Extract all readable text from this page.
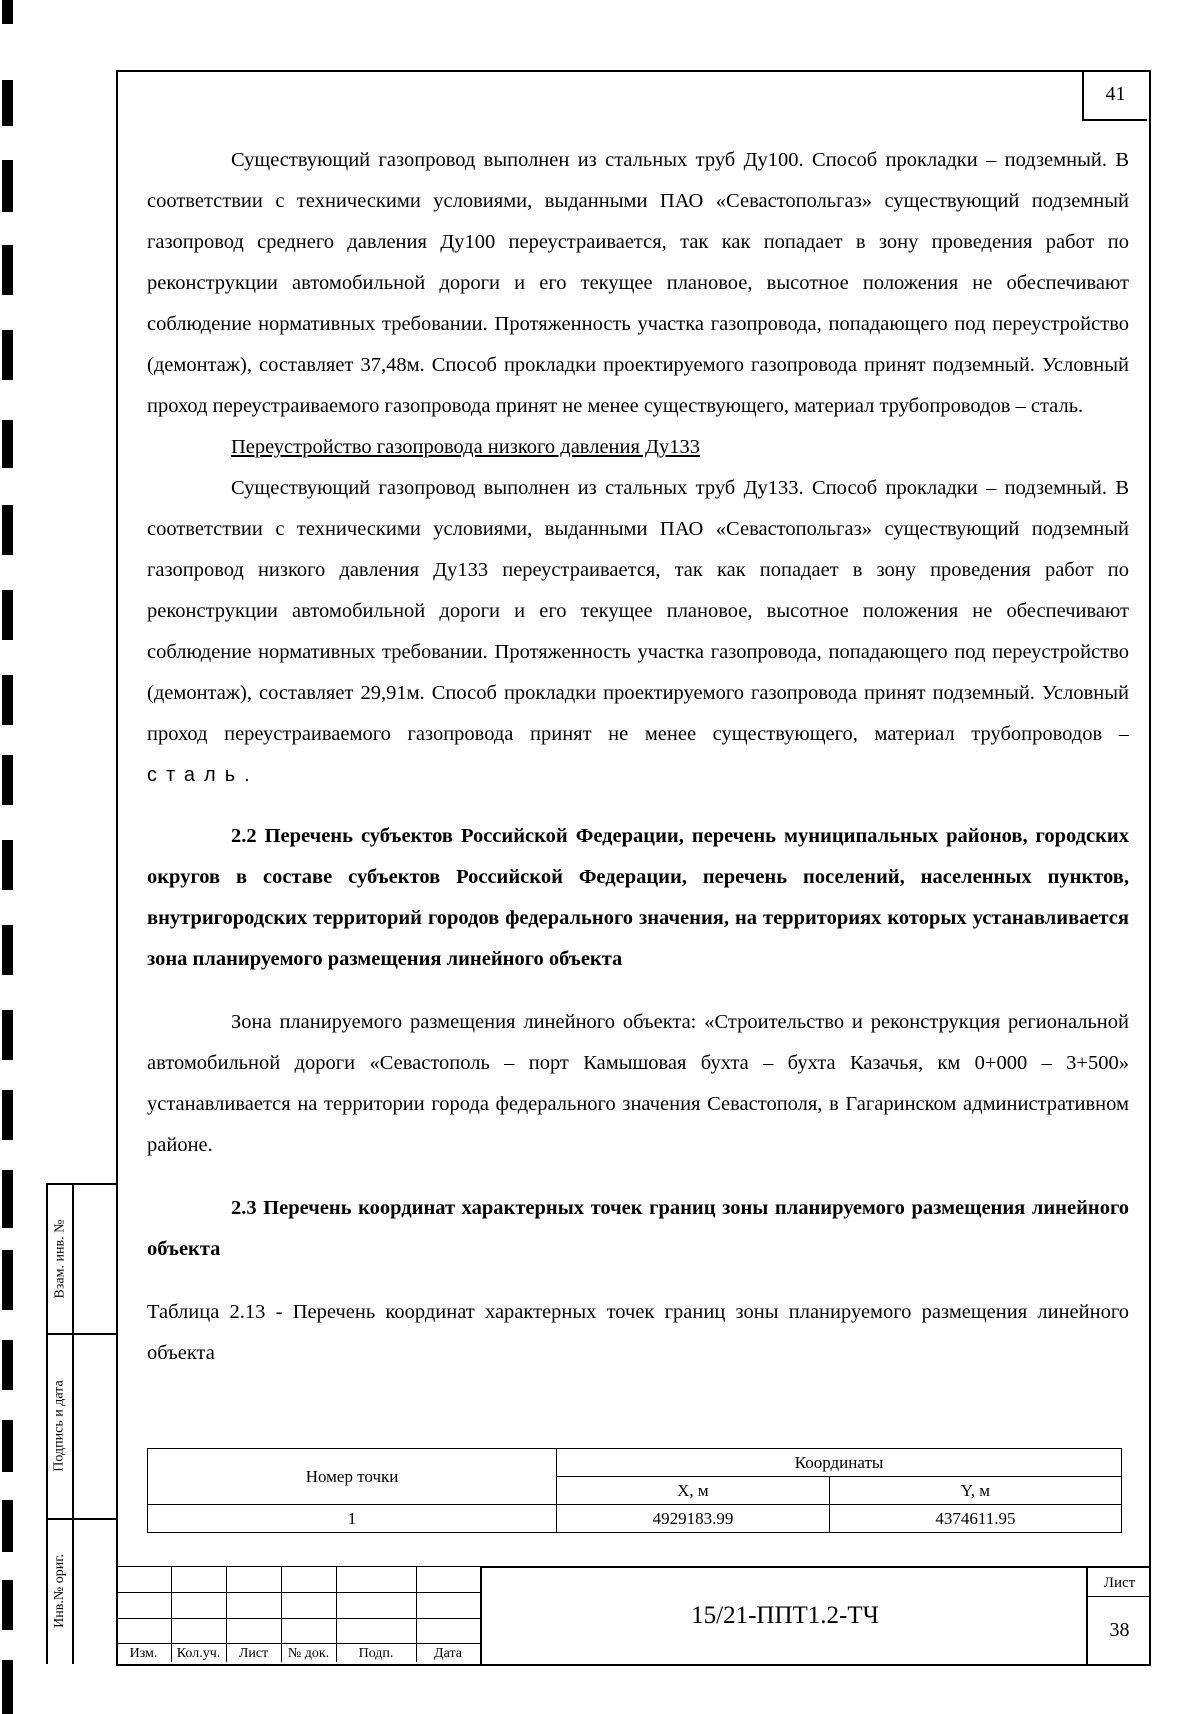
41

Существующий газопровод выполнен из стальных труб Ду100. Способ прокладки – подземный. В соответствии с техническими условиями, выданными ПАО «Севастопольгаз» существующий подземный газопровод среднего давления Ду100 переустраивается, так как попадает в зону проведения работ по реконструкции автомобильной дороги и его текущее плановое, высотное положения не обеспечивают соблюдение нормативных требовании. Протяженность участка газопровода, попадающего под переустройство (демонтаж), составляет 37,48м. Способ прокладки проектируемого газопровода принят подземный. Условный проход переустраиваемого газопровода принят не менее существующего, материал трубопроводов – сталь.

Переустройство газопровода низкого давления Ду133

Существующий газопровод выполнен из стальных труб Ду133. Способ прокладки – подземный. В соответствии с техническими условиями, выданными ПАО «Севастопольгаз» существующий подземный газопровод низкого давления Ду133 переустраивается, так как попадает в зону проведения работ по реконструкции автомобильной дороги и его текущее плановое, высотное положения не обеспечивают соблюдение нормативных требовании. Протяженность участка газопровода, попадающего под переустройство (демонтаж), составляет 29,91м. Способ прокладки проектируемого газопровода принят подземный. Условный проход переустраиваемого газопровода принят не менее существующего, материал трубопроводов – сталь.

2.2 Перечень субъектов Российской Федерации, перечень муниципальных районов, городских округов в составе субъектов Российской Федерации, перечень поселений, населенных пунктов, внутригородских территорий городов федерального значения, на территориях которых устанавливается зона планируемого размещения линейного объекта

Зона планируемого размещения линейного объекта: «Строительство и реконструкция региональной автомобильной дороги «Севастополь – порт Камышовая бухта – бухта Казачья, км 0+000 – 3+500» устанавливается на территории города федерального значения Севастополя, в Гагаринском административном районе.

2.3 Перечень координат характерных точек границ зоны планируемого размещения линейного объекта

Таблица 2.13 - Перечень координат характерных точек границ зоны планируемого размещения линейного объекта

Номер точки	Координаты	
	X, м	Y, м
1	4929183.99	4374611.95
Взам. инв. №
Подпись и дата
Инв.№ ориг.
Изм.	Кол.уч.	Лист	№ док.	Подп.	Дата
15/21-ППТ1.2-ТЧ
Лист
38
